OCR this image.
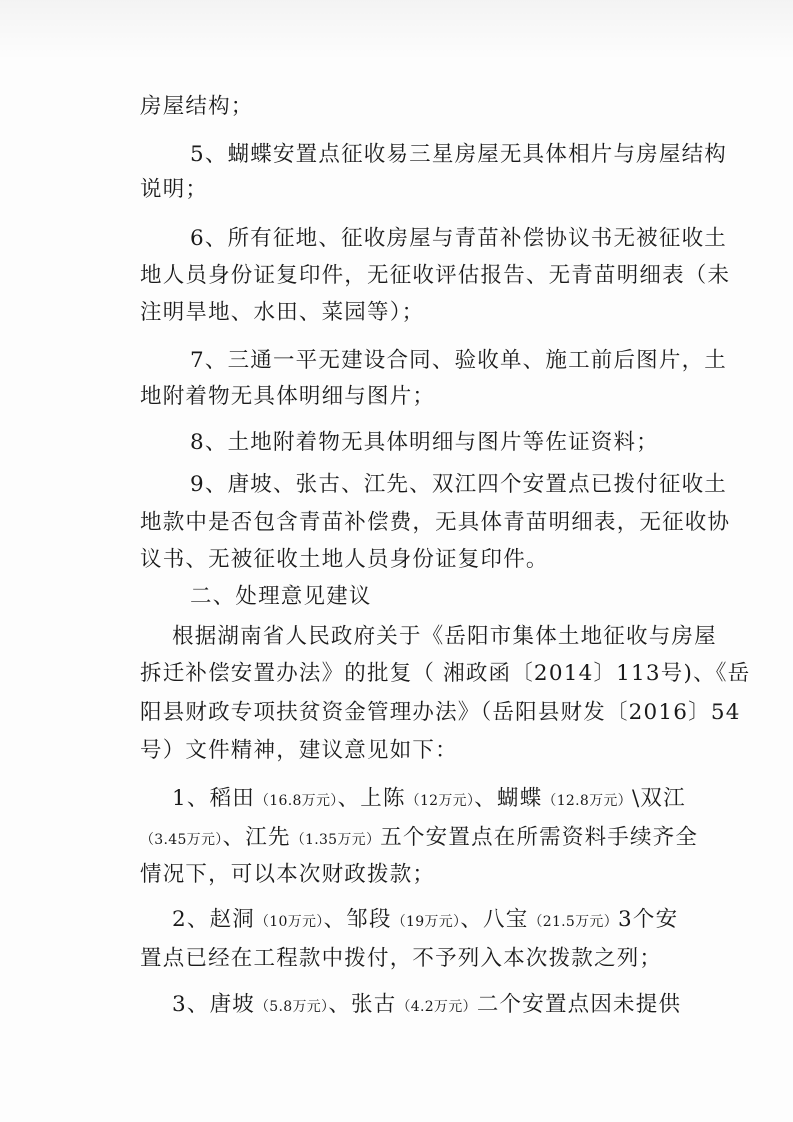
房屋结构；

5、蝴蝶安置点征收易三星房屋无具体相片与房屋结构

说明；

6、所有征地、征收房屋与青苗补偿协议书无被征收土

地人员身份证复印件，无征收评估报告、无青苗明细表（未

注明旱地、水田、菜园等）；

7、三通一平无建设合同、验收单、施工前后图片，土

地附着物无具体明细与图片；

8、土地附着物无具体明细与图片等佐证资料；

9、唐坡、张古、江先、双江四个安置点已拨付征收土

地款中是否包含青苗补偿费，无具体青苗明细表，无征收协

议书、无被征收土地人员身份证复印件。

二、处理意见建议

根据湖南省人民政府关于《岳阳市集体土地征收与房屋

拆迁补偿安置办法》的批复（ 湘政函〔2014〕113号)、《岳

阳县财政专项扶贫资金管理办法》（岳阳县财发〔2016〕54

号）文件精神，建议意见如下：

1、稻田（16.8万元）、上陈（12万元）、蝴蝶（12.8万元）\双江

（3.45万元）、江先（1.35万元）五个安置点在所需资料手续齐全

情况下，可以本次财政拨款；

2、赵洞（10万元）、邹段（19万元）、八宝（21.5万元）3个安

置点已经在工程款中拨付，不予列入本次拨款之列；

3、唐坡（5.8万元）、张古（4.2万元）二个安置点因未提供
